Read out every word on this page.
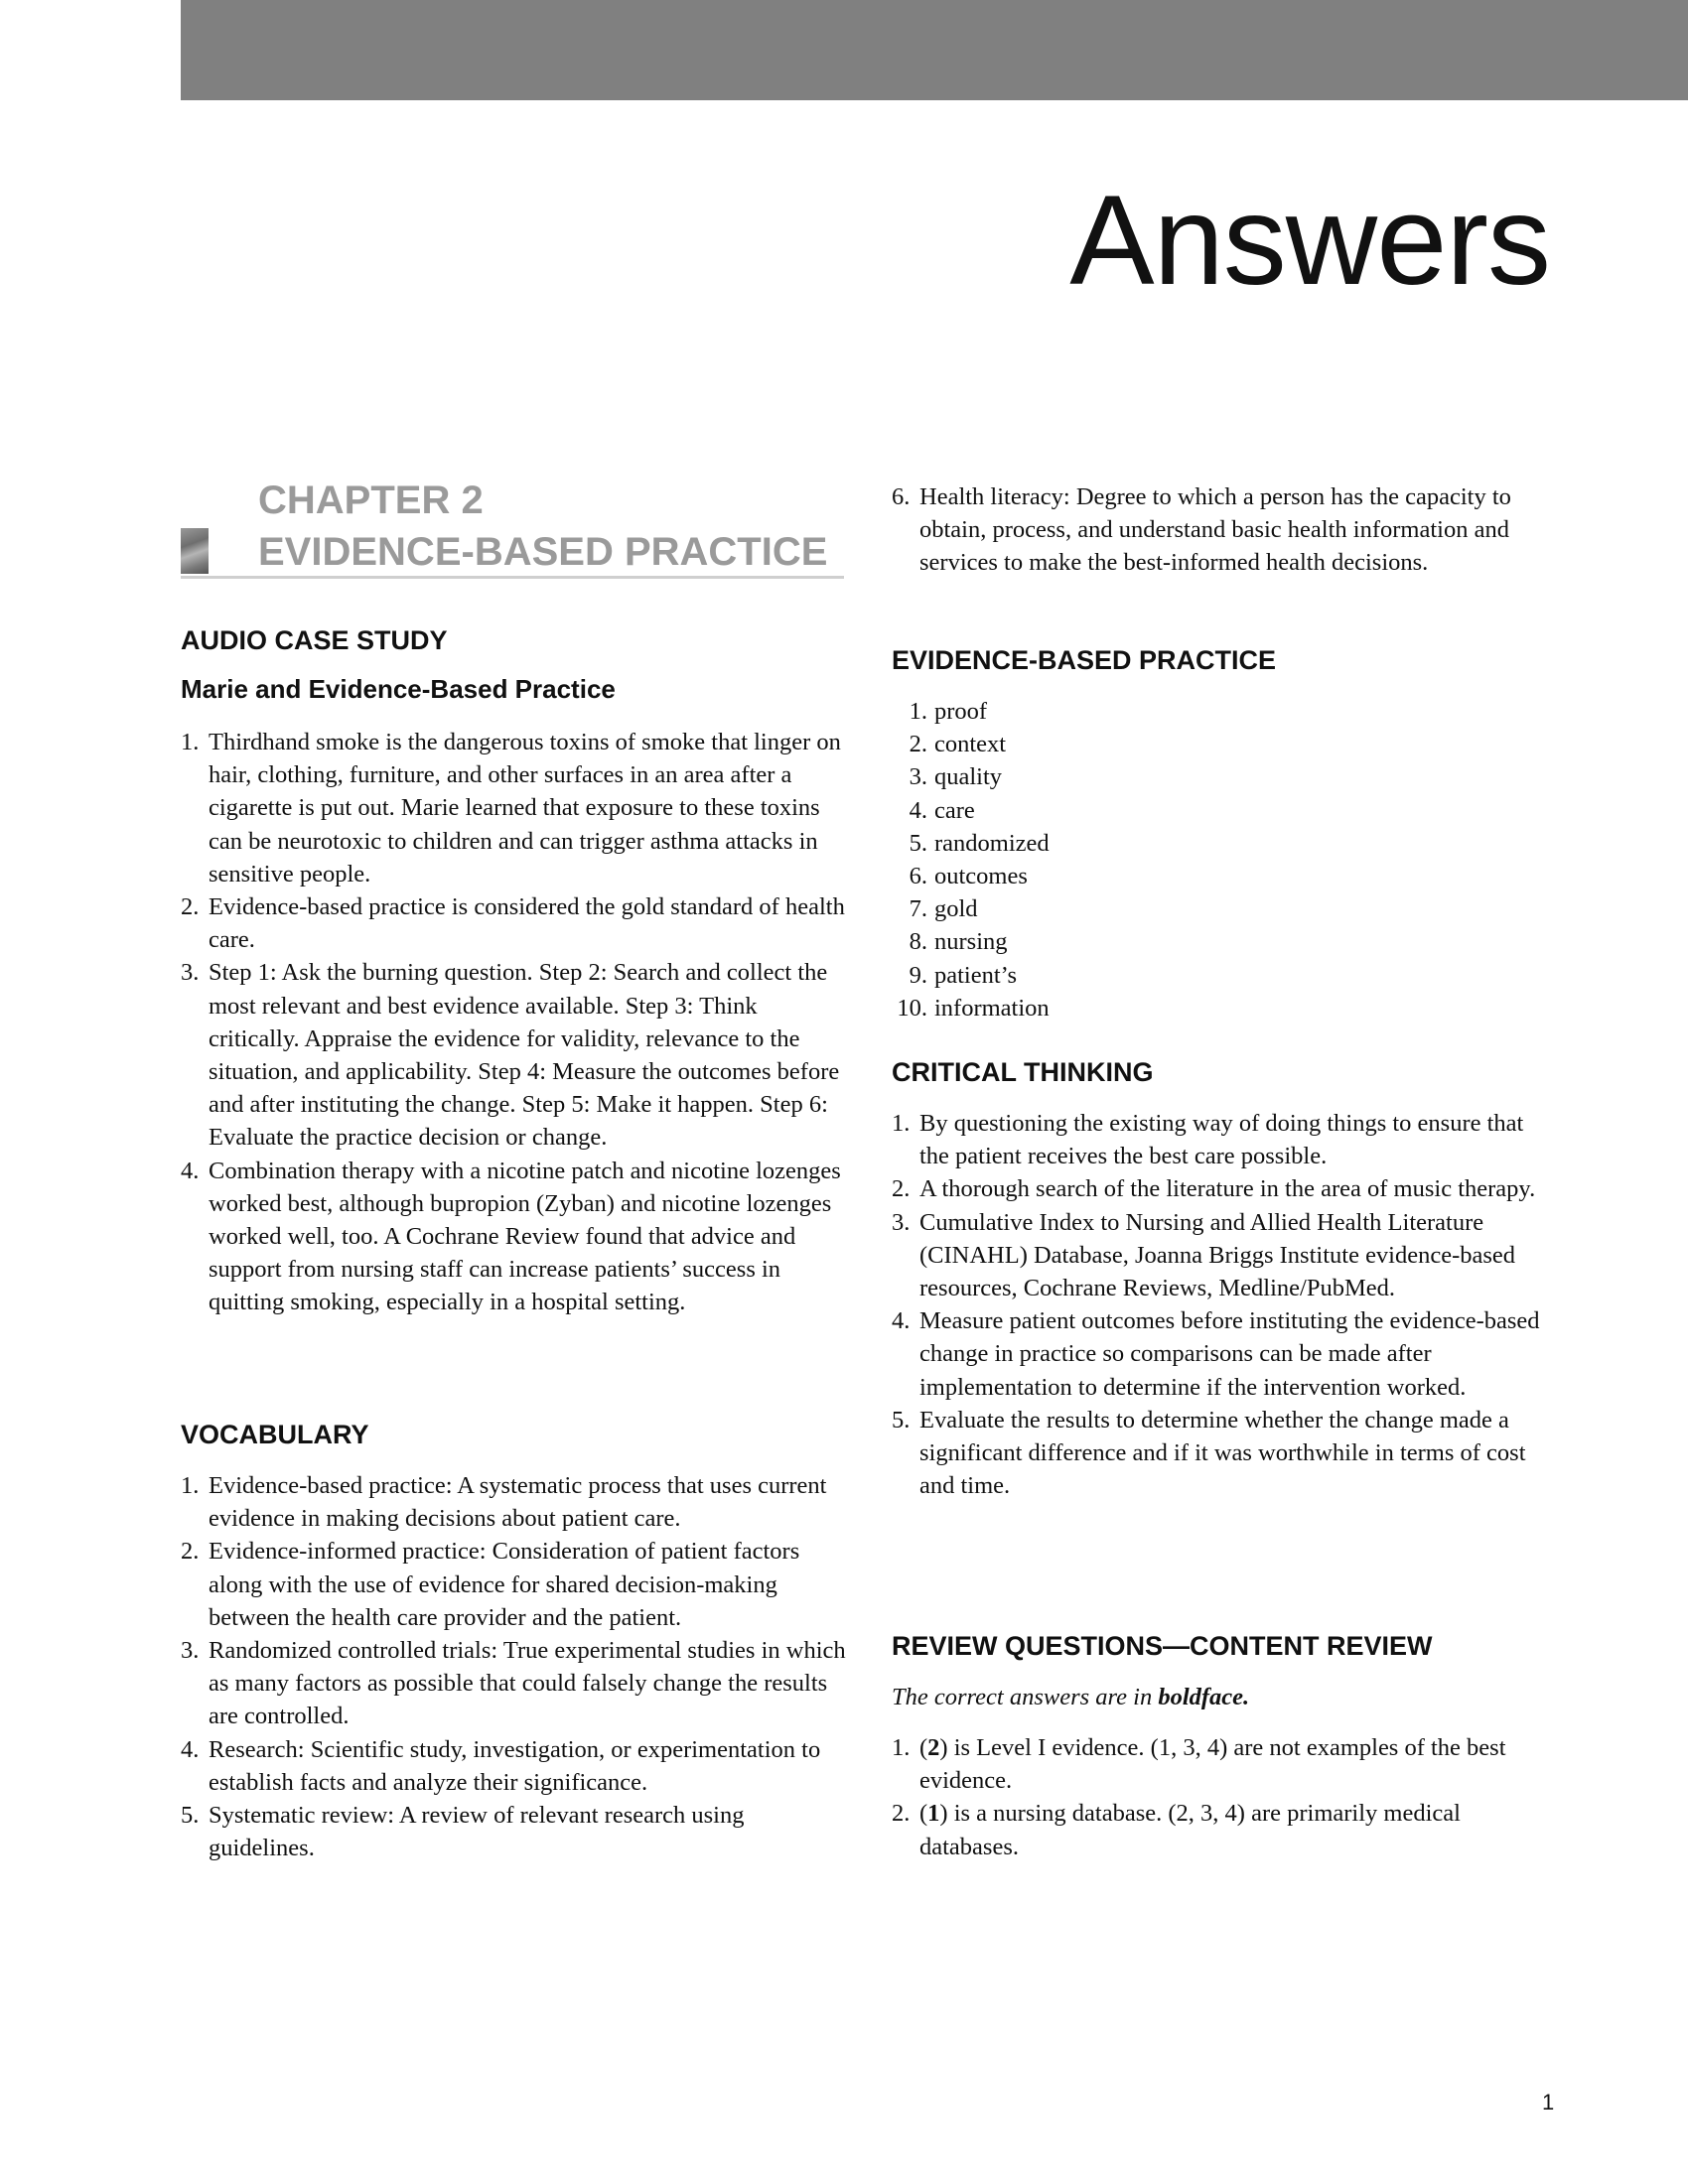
Answers
CHAPTER 2
EVIDENCE-BASED PRACTICE
AUDIO CASE STUDY
Marie and Evidence-Based Practice
1. Thirdhand smoke is the dangerous toxins of smoke that linger on hair, clothing, furniture, and other surfaces in an area after a cigarette is put out. Marie learned that exposure to these toxins can be neurotoxic to children and can trigger asthma attacks in sensitive people.
2. Evidence-based practice is considered the gold standard of health care.
3. Step 1: Ask the burning question. Step 2: Search and collect the most relevant and best evidence available. Step 3: Think critically. Appraise the evidence for validity, relevance to the situation, and applicability. Step 4: Measure the outcomes before and after instituting the change. Step 5: Make it happen. Step 6: Evaluate the practice decision or change.
4. Combination therapy with a nicotine patch and nicotine lozenges worked best, although bupropion (Zyban) and nicotine lozenges worked well, too. A Cochrane Review found that advice and support from nursing staff can increase patients’ success in quitting smoking, especially in a hospital setting.
VOCABULARY
1. Evidence-based practice: A systematic process that uses current evidence in making decisions about patient care.
2. Evidence-informed practice: Consideration of patient factors along with the use of evidence for shared decision-making between the health care provider and the patient.
3. Randomized controlled trials: True experimental studies in which as many factors as possible that could falsely change the results are controlled.
4. Research: Scientific study, investigation, or experimentation to establish facts and analyze their significance.
5. Systematic review: A review of relevant research using guidelines.
6. Health literacy: Degree to which a person has the capacity to obtain, process, and understand basic health information and services to make the best-informed health decisions.
EVIDENCE-BASED PRACTICE
1. proof
2. context
3. quality
4. care
5. randomized
6. outcomes
7. gold
8. nursing
9. patient’s
10. information
CRITICAL THINKING
1. By questioning the existing way of doing things to ensure that the patient receives the best care possible.
2. A thorough search of the literature in the area of music therapy.
3. Cumulative Index to Nursing and Allied Health Literature (CINAHL) Database, Joanna Briggs Institute evidence-based resources, Cochrane Reviews, Medline/PubMed.
4. Measure patient outcomes before instituting the evidence-based change in practice so comparisons can be made after implementation to determine if the intervention worked.
5. Evaluate the results to determine whether the change made a significant difference and if it was worthwhile in terms of cost and time.
REVIEW QUESTIONS—CONTENT REVIEW
The correct answers are in boldface.
1. (2) is Level I evidence. (1, 3, 4) are not examples of the best evidence.
2. (1) is a nursing database. (2, 3, 4) are primarily medical databases.
1
